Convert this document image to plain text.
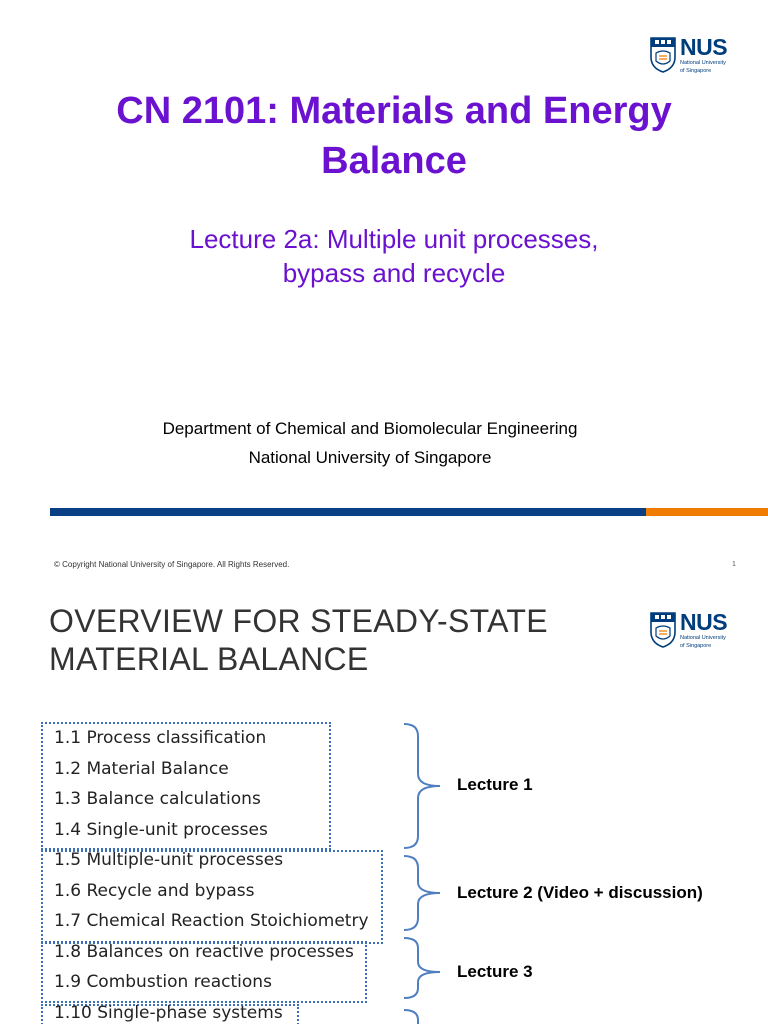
NUS
National University
of Singapore
CN 2101: Materials and Energy
Balance
Lecture 2a: Multiple unit processes,
bypass and recycle
Department of Chemical and Biomolecular Engineering
National University of Singapore
© Copyright National University of Singapore. All Rights Reserved.	1
OVERVIEW FOR STEADY-STATE
MATERIAL BALANCE
NUS
National University
of Singapore
1.1 Process classification
1.2 Material Balance
1.3 Balance calculations
1.4 Single-unit processes
1.5 Multiple-unit processes
1.6 Recycle and bypass
1.7 Chemical Reaction Stoichiometry
1.8 Balances on reactive processes
1.9 Combustion reactions
1.10 Single-phase systems
Lecture 1
Lecture 2 (Video + discussion)
Lecture 3
